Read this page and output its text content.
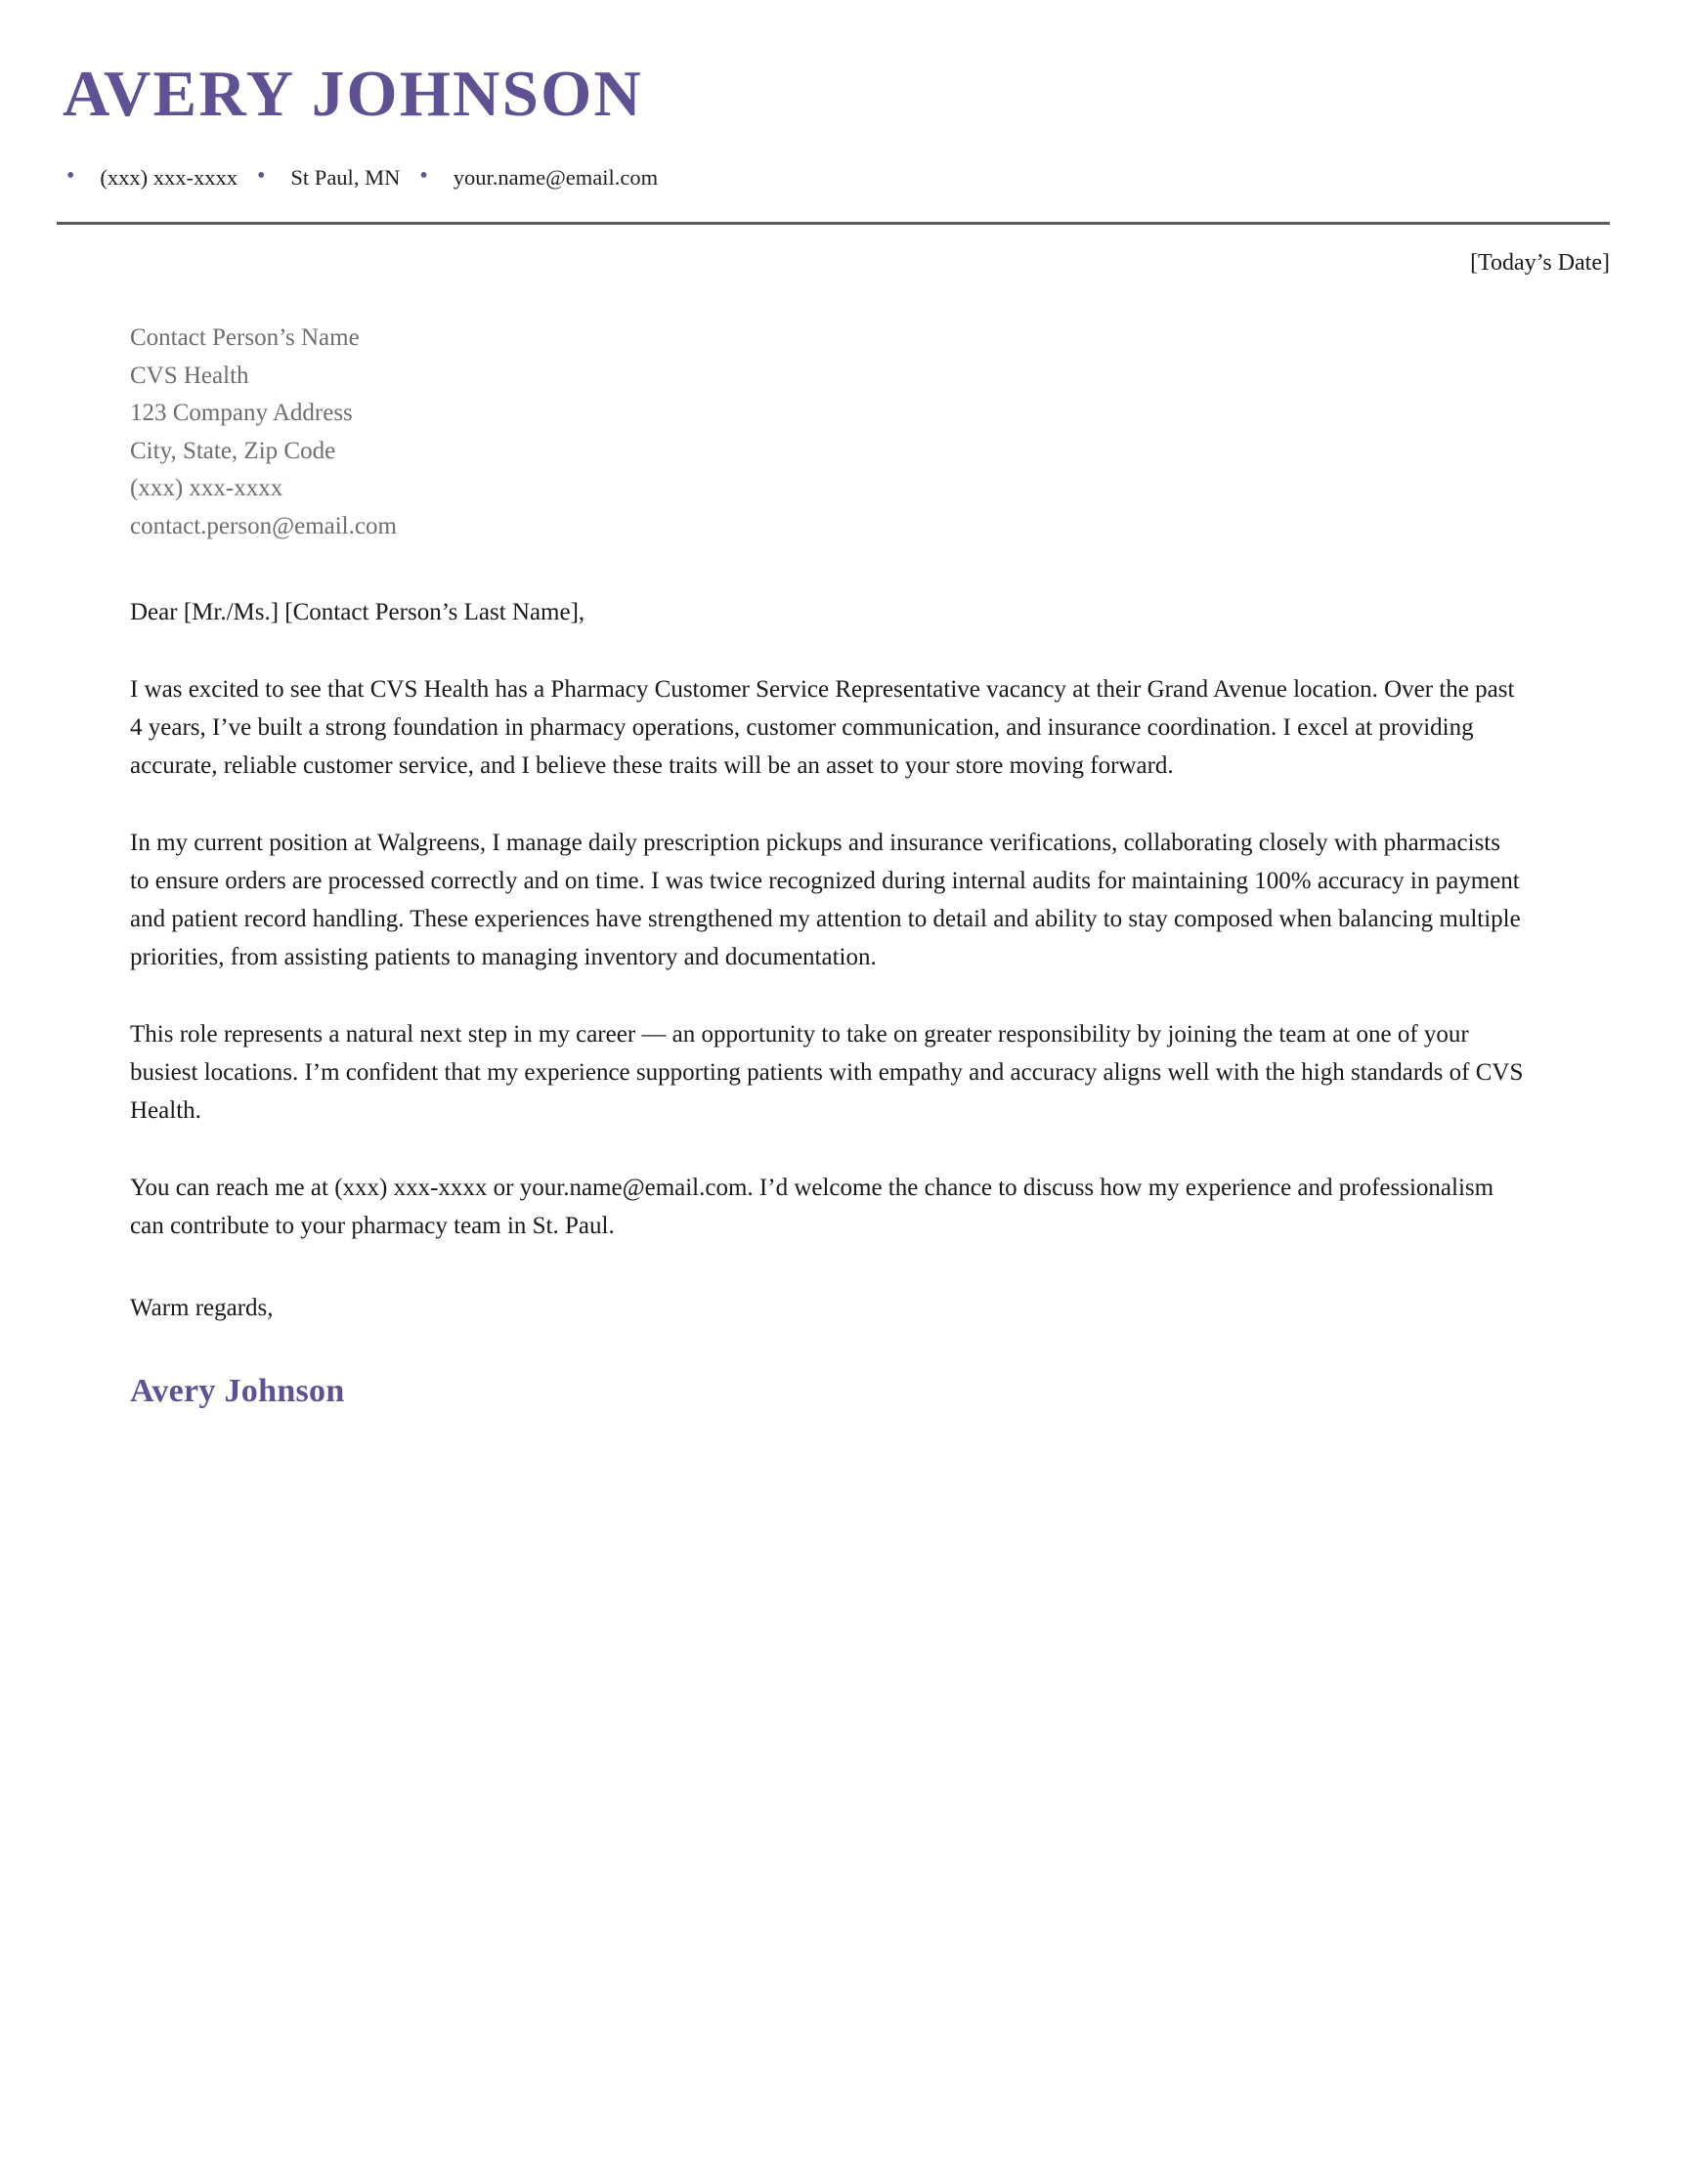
AVERY JOHNSON
• (xxx) xxx-xxxx • St Paul, MN • your.name@email.com
[Today’s Date]
Contact Person’s Name
CVS Health
123 Company Address
City, State, Zip Code
(xxx) xxx-xxxx
contact.person@email.com

Dear [Mr./Ms.] [Contact Person’s Last Name],

I was excited to see that CVS Health has a Pharmacy Customer Service Representative vacancy at their Grand Avenue location. Over the past 4 years, I’ve built a strong foundation in pharmacy operations, customer communication, and insurance coordination. I excel at providing accurate, reliable customer service, and I believe these traits will be an asset to your store moving forward.

In my current position at Walgreens, I manage daily prescription pickups and insurance verifications, collaborating closely with pharmacists to ensure orders are processed correctly and on time. I was twice recognized during internal audits for maintaining 100% accuracy in payment and patient record handling. These experiences have strengthened my attention to detail and ability to stay composed when balancing multiple priorities, from assisting patients to managing inventory and documentation.

This role represents a natural next step in my career — an opportunity to take on greater responsibility by joining the team at one of your busiest locations. I’m confident that my experience supporting patients with empathy and accuracy aligns well with the high standards of CVS Health.

You can reach me at (xxx) xxx-xxxx or your.name@email.com. I’d welcome the chance to discuss how my experience and professionalism can contribute to your pharmacy team in St. Paul.

Warm regards,

Avery Johnson
